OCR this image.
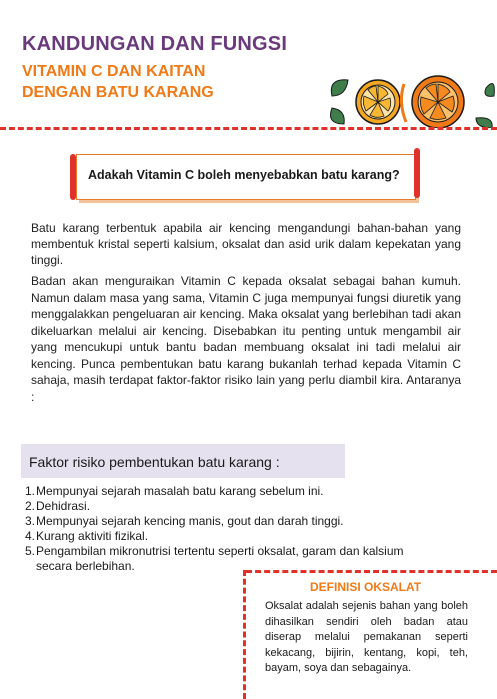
KANDUNGAN DAN FUNGSI
VITAMIN C DAN KAITAN
DENGAN BATU KARANG
Adakah Vitamin C boleh menyebabkan batu karang?
Batu karang terbentuk apabila air kencing mengandungi bahan-bahan yang membentuk kristal seperti kalsium, oksalat dan asid urik dalam kepekatan yang tinggi.
Badan akan menguraikan Vitamin C kepada oksalat sebagai bahan kumuh. Namun dalam masa yang sama, Vitamin C juga mempunyai fungsi diuretik yang menggalakkan pengeluaran air kencing. Maka oksalat yang berlebihan tadi akan dikeluarkan melalui air kencing. Disebabkan itu penting untuk mengambil air yang mencukupi untuk bantu badan membuang oksalat ini tadi melalui air kencing. Punca pembentukan batu karang bukanlah terhad kepada Vitamin C sahaja, masih terdapat faktor-faktor risiko lain yang perlu diambil kira. Antaranya :
Faktor risiko pembentukan batu karang :
1. Mempunyai sejarah masalah batu karang sebelum ini.
2. Dehidrasi.
3. Mempunyai sejarah kencing manis, gout dan darah tinggi.
4. Kurang aktiviti fizikal.
5. Pengambilan mikronutrisi tertentu seperti oksalat, garam dan kalsium secara berlebihan.
DEFINISI OKSALAT
Oksalat adalah sejenis bahan yang boleh dihasilkan sendiri oleh badan atau diserap melalui pemakanan seperti kekacang, bijirin, kentang, kopi, teh, bayam, soya dan sebagainya.
